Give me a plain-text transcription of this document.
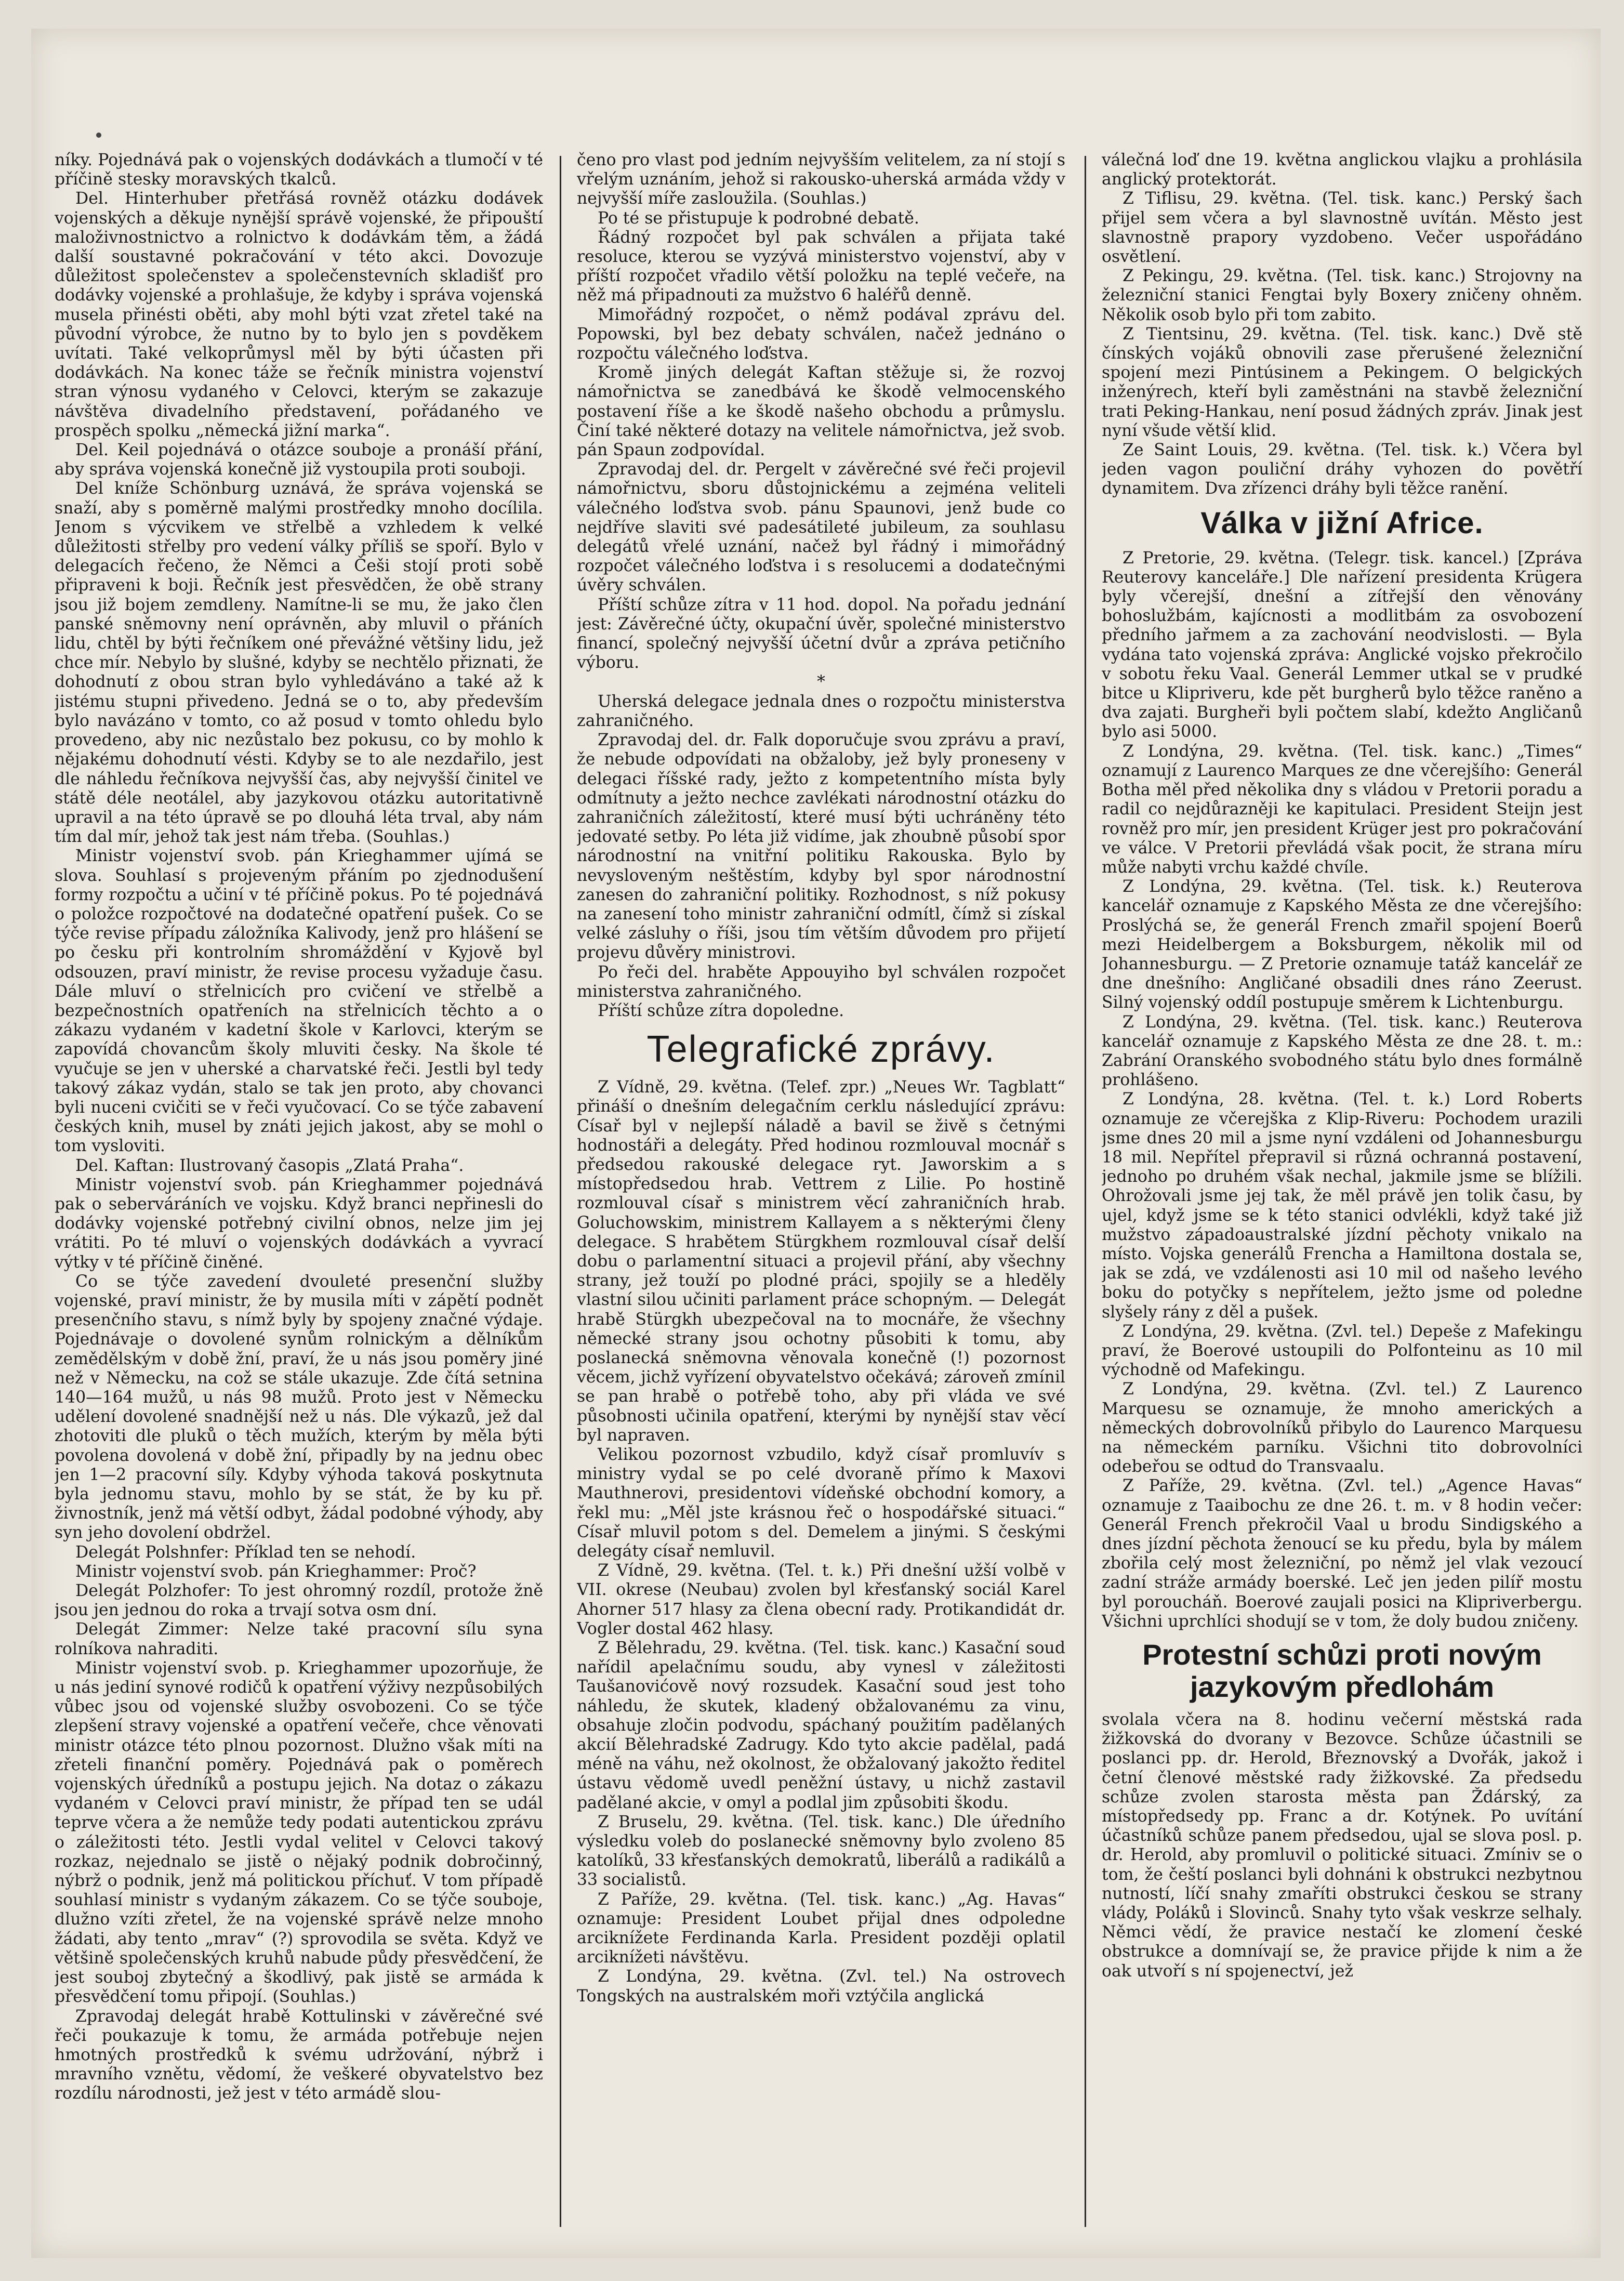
níky. Pojednává pak o vojenských dodávkách a tlumočí v té příčině stesky moravských tkalců.

Del. Hinterhuber přetřásá rovněž otázku dodávek vojenských a děkuje nynější správě vojenské, že připouští maloživnostnictvo a rolnictvo k dodávkám těm, a žádá další soustavné pokračování v této akci. Dovozuje důležitost společenstev a společenstevních skladišť pro dodávky vojenské a prohlašuje, že kdyby i správa vojenská musela přinésti oběti, aby mohl býti vzat zřetel také na původní výrobce, že nutno by to bylo jen s povděkem uvítati. Také velkoprůmysl měl by býti účasten při dodávkách. Na konec táže se řečník ministra vojenství stran výnosu vydaného v Celovci, kterým se zakazuje návštěva divadelního představení, pořádaného ve prospěch spolku „německá jižní marka“.

Del. Keil pojednává o otázce souboje a pronáší přání, aby správa vojenská konečně již vystoupila proti souboji.

Del kníže Schönburg uznává, že správa vojenská se snaží, aby s poměrně malými prostředky mnoho docílila. Jenom s výcvikem ve střelbě a vzhledem k velké důležitosti střelby pro vedení války příliš se spoří. Bylo v delegacích řečeno, že Němci a Češi stojí proti sobě připraveni k boji. Řečník jest přesvědčen, že obě strany jsou již bojem zemdleny. Namítne-li se mu, že jako člen panské sněmovny není oprávněn, aby mluvil o přáních lidu, chtěl by býti řečníkem oné převážné většiny lidu, jež chce mír. Nebylo by slušné, kdyby se nechtělo přiznati, že dohodnutí z obou stran bylo vyhledáváno a také až k jistému stupni přivedeno. Jedná se o to, aby především bylo navázáno v tomto, co až posud v tomto ohledu bylo provedeno, aby nic nezůstalo bez pokusu, co by mohlo k nějakému dohodnutí vésti. Kdyby se to ale nezdařilo, jest dle náhledu řečníkova nejvyšší čas, aby nejvyšší činitel ve státě déle neotálel, aby jazykovou otázku autoritativně upravil a na této úpravě se po dlouhá léta trval, aby nám tím dal mír, jehož tak jest nám třeba. (Souhlas.)

Ministr vojenství svob. pán Krieghammer ujímá se slova. Souhlasí s projeveným přáním po zjednodušení formy rozpočtu a učiní v té příčině pokus. Po té pojednává o položce rozpočtové na dodatečné opatření pušek. Co se týče revise případu záložníka Kalivody, jenž pro hlášení se po česku při kontrolním shromáždění v Kyjově byl odsouzen, praví ministr, že revise procesu vyžaduje času. Dále mluví o střelnicích pro cvičení ve střelbě a bezpečnostních opatřeních na střelnicích těchto a o zákazu vydaném v kadetní škole v Karlovci, kterým se zapovídá chovancům školy mluviti česky. Na škole té vyučuje se jen v uherské a charvatské řeči. Jestli byl tedy takový zákaz vydán, stalo se tak jen proto, aby chovanci byli nuceni cvičiti se v řeči vyučovací. Co se týče zabavení českých knih, musel by znáti jejich jakost, aby se mohl o tom vysloviti.

Del. Kaftan: Ilustrovaný časopis „Zlatá Praha“.

Ministr vojenství svob. pán Krieghammer pojednává pak o seberváráních ve vojsku. Když branci nepřinesli do dodávky vojenské potřebný civilní obnos, nelze jim jej vrátiti. Po té mluví o vojenských dodávkách a vyvrací výtky v té příčině činěné.

Co se týče zavedení dvouleté presenční služby vojenské, praví ministr, že by musila míti v zápětí podnět presenčního stavu, s nímž byly by spojeny značné výdaje. Pojednávaje o dovolené synům rolnickým a dělníkům zemědělským v době žní, praví, že u nás jsou poměry jiné než v Německu, na což se stále ukazuje. Zde čítá setnina 140—164 mužů, u nás 98 mužů. Proto jest v Německu udělení dovolené snadnější než u nás. Dle výkazů, jež dal zhotoviti dle pluků o těch mužích, kterým by měla býti povolena dovolená v době žní, připadly by na jednu obec jen 1—2 pracovní síly. Kdyby výhoda taková poskytnuta byla jednomu stavu, mohlo by se stát, že by ku př. živnostník, jenž má větší odbyt, žádal podobné výhody, aby syn jeho dovolení obdržel.

Delegát Polshnfer: Příklad ten se nehodí.

Ministr vojenství svob. pán Krieghammer: Proč?

Delegát Polzhofer: To jest ohromný rozdíl, protože žně jsou jen jednou do roka a trvají sotva osm dní.

Delegát Zimmer: Nelze také pracovní sílu syna rolníkova nahraditi.

Ministr vojenství svob. p. Krieghammer upozorňuje, že u nás jediní synové rodičů k opatření výživy nezpůsobilých vůbec jsou od vojenské služby osvobozeni. Co se týče zlepšení stravy vojenské a opatření večeře, chce věnovati ministr otázce této plnou pozornost. Dlužno však míti na zřeteli finanční poměry. Pojednává pak o poměrech vojenských úředníků a postupu jejich. Na dotaz o zákazu vydaném v Celovci praví ministr, že případ ten se udál teprve včera a že nemůže tedy podati autentickou zprávu o záležitosti této. Jestli vydal velitel v Celovci takový rozkaz, nejednalo se jistě o nějaký podnik dobročinný, nýbrž o podnik, jenž má politickou příchuť. V tom případě souhlasí ministr s vydaným zákazem. Co se týče souboje, dlužno vzíti zřetel, že na vojenské správě nelze mnoho žádati, aby tento „mrav“ (?) sprovodila se světa. Když ve většině společenských kruhů nabude půdy přesvědčení, že jest souboj zbytečný a škodlivý, pak jistě se armáda k přesvědčení tomu připojí. (Souhlas.)

Zpravodaj delegát hrabě Kottulinski v závěrečné své řeči poukazuje k tomu, že armáda potřebuje nejen hmotných prostředků k svému udržování, nýbrž i mravního vznětu, vědomí, že veškeré obyvatelstvo bez rozdílu národnosti, jež jest v této armádě slou-

čeno pro vlast pod jedním nejvyšším velitelem, za ní stojí s vřelým uznáním, jehož si rakousko-uherská armáda vždy v nejvyšší míře zasloužila. (Souhlas.)

Po té se přistupuje k podrobné debatě.

Řádný rozpočet byl pak schválen a přijata také resoluce, kterou se vyzývá ministerstvo vojenství, aby v příští rozpočet vřadilo větší položku na teplé večeře, na něž má připadnouti za mužstvo 6 haléřů denně.

Mimořádný rozpočet, o němž podával zprávu del. Popowski, byl bez debaty schválen, načež jednáno o rozpočtu válečného loďstva.

Kromě jiných delegát Kaftan stěžuje si, že rozvoj námořnictva se zanedbává ke škodě velmocenského postavení říše a ke škodě našeho obchodu a průmyslu. Činí také některé dotazy na velitele námořnictva, jež svob. pán Spaun zodpovídal.

Zpravodaj del. dr. Pergelt v závěrečné své řeči projevil námořnictvu, sboru důstojnickému a zejména veliteli válečného loďstva svob. pánu Spaunovi, jenž bude co nejdříve slaviti své padesátileté jubileum, za souhlasu delegátů vřelé uznání, načež byl řádný i mimořádný rozpočet válečného loďstva i s resolucemi a dodatečnými úvěry schválen.

Příští schůze zítra v 11 hod. dopol. Na pořadu jednání jest: Závěrečné účty, okupační úvěr, společné ministerstvo financí, společný nejvyšší účetní dvůr a zpráva petičního výboru.

*

Uherská delegace jednala dnes o rozpočtu ministerstva zahraničného.

Zpravodaj del. dr. Falk doporučuje svou zprávu a praví, že nebude odpovídati na obžaloby, jež byly proneseny v delegaci říšské rady, ježto z kompetentního místa byly odmítnuty a ježto nechce zavlékati národnostní otázku do zahraničních záležitostí, které musí býti uchráněny této jedovaté setby. Po léta již vidíme, jak zhoubně působí spor národnostní na vnitřní politiku Rakouska. Bylo by nevysloveným neštěstím, kdyby byl spor národnostní zanesen do zahraniční politiky. Rozhodnost, s níž pokusy na zanesení toho ministr zahraniční odmítl, čímž si získal velké zásluhy o říši, jsou tím větším důvodem pro přijetí projevu důvěry ministrovi.

Po řeči del. hraběte Appouyiho byl schválen rozpočet ministerstva zahraničného.

Příští schůze zítra dopoledne.

Telegrafické zprávy.

Z Vídně, 29. května. (Telef. zpr.) „Neues Wr. Tagblatt“ přináší o dnešním delegačním cerklu následující zprávu: Císař byl v nejlepší náladě a bavil se živě s četnými hodnostáři a delegáty. Před hodinou rozmlouval mocnář s předsedou rakouské delegace ryt. Jaworskim a s místopředsedou hrab. Vettrem z Lilie. Po hostině rozmlouval císař s ministrem věcí zahraničních hrab. Goluchowskim, ministrem Kallayem a s některými členy delegace. S hrabětem Stürgkhem rozmlouval císař delší dobu o parlamentní situaci a projevil přání, aby všechny strany, jež touží po plodné práci, spojily se a hleděly vlastní silou učiniti parlament práce schopným. — Delegát hrabě Stürgkh ubezpečoval na to mocnáře, že všechny německé strany jsou ochotny působiti k tomu, aby poslanecká sněmovna věnovala konečně (!) pozornost věcem, jichž vyřízení obyvatelstvo očekává; zároveň zmínil se pan hrabě o potřebě toho, aby při vláda ve své působnosti učinila opatření, kterými by nynější stav věcí byl napraven.

Velikou pozornost vzbudilo, když císař promluvív s ministry vydal se po celé dvoraně přímo k Maxovi Mauthnerovi, presidentovi vídeňské obchodní komory, a řekl mu: „Měl jste krásnou řeč o hospodářské situaci.“ Císař mluvil potom s del. Demelem a jinými. S českými delegáty císař nemluvil.

Z Vídně, 29. května. (Tel. t. k.) Při dnešní užší volbě v VII. okrese (Neubau) zvolen byl křesťanský sociál Karel Ahorner 517 hlasy za člena obecní rady. Protikandidát dr. Vogler dostal 462 hlasy.

Z Bělehradu, 29. května. (Tel. tisk. kanc.) Kasační soud nařídil apelačnímu soudu, aby vynesl v záležitosti Taušanovićově nový rozsudek. Kasační soud jest toho náhledu, že skutek, kladený obžalovanému za vinu, obsahuje zločin podvodu, spáchaný použitím padělaných akcií Bělehradské Zadrugy. Kdo tyto akcie padělal, padá méně na váhu, než okolnost, že obžalovaný jakožto ředitel ústavu vědomě uvedl peněžní ústavy, u nichž zastavil padělané akcie, v omyl a podlal jim způsobiti škodu.

Z Bruselu, 29. května. (Tel. tisk. kanc.) Dle úředního výsledku voleb do poslanecké sněmovny bylo zvoleno 85 katolíků, 33 křesťanských demokratů, liberálů a radikálů a 33 socialistů.

Z Paříže, 29. května. (Tel. tisk. kanc.) „Ag. Havas“ oznamuje: President Loubet přijal dnes odpoledne arciknížete Ferdinanda Karla. President později oplatil arciknížeti návštěvu.

Z Londýna, 29. května. (Zvl. tel.) Na ostrovech Tongských na australském moři vztýčila anglická

válečná loď dne 19. května anglickou vlajku a prohlásila anglický protektorát.

Z Tiflisu, 29. května. (Tel. tisk. kanc.) Perský šach přijel sem včera a byl slavnostně uvítán. Město jest slavnostně prapory vyzdobeno. Večer uspořádáno osvětlení.

Z Pekingu, 29. května. (Tel. tisk. kanc.) Strojovny na železniční stanici Fengtai byly Boxery zničeny ohněm. Několik osob bylo při tom zabito.

Z Tientsinu, 29. května. (Tel. tisk. kanc.) Dvě stě čínských vojáků obnovili zase přerušené železniční spojení mezi Pintúsinem a Pekingem. O belgických inženýrech, kteří byli zaměstnáni na stavbě železniční trati Peking-Hankau, není posud žádných zpráv. Jinak jest nyní všude větší klid.

Ze Saint Louis, 29. května. (Tel. tisk. k.) Včera byl jeden vagon pouliční dráhy vyhozen do povětří dynamitem. Dva zřízenci dráhy byli těžce ranění.

Válka v jižní Africe.

Z Pretorie, 29. května. (Telegr. tisk. kancel.) [Zpráva Reuterovy kanceláře.] Dle nařízení presidenta Krügera byly včerejší, dnešní a zítřejší den věnovány bohoslužbám, kajícnosti a modlitbám za osvobození předního jařmem a za zachování neodvislosti. — Byla vydána tato vojenská zpráva: Anglické vojsko překročilo v sobotu řeku Vaal. Generál Lemmer utkal se v prudké bitce u Klipriveru, kde pět burgherů bylo těžce raněno a dva zajati. Burgheři byli počtem slabí, kdežto Angličanů bylo asi 5000.

Z Londýna, 29. května. (Tel. tisk. kanc.) „Times“ oznamují z Laurenco Marques ze dne včerejšího: Generál Botha měl před několika dny s vládou v Pretorii poradu a radil co nejdůrazněji ke kapitulaci. President Steijn jest rovněž pro mír, jen president Krüger jest pro pokračování ve válce. V Pretorii převládá však pocit, že strana míru může nabyti vrchu každé chvíle.

Z Londýna, 29. května. (Tel. tisk. k.) Reuterova kancelář oznamuje z Kapského Města ze dne včerejšího: Proslýchá se, že generál French zmařil spojení Boerů mezi Heidelbergem a Boksburgem, několik mil od Johannesburgu. — Z Pretorie oznamuje tatáž kancelář ze dne dnešního: Angličané obsadili dnes ráno Zeerust. Silný vojenský oddíl postupuje směrem k Lichtenburgu.

Z Londýna, 29. května. (Tel. tisk. kanc.) Reuterova kancelář oznamuje z Kapského Města ze dne 28. t. m.: Zabrání Oranského svobodného státu bylo dnes formálně prohlášeno.

Z Londýna, 28. května. (Tel. t. k.) Lord Roberts oznamuje ze včerejška z Klip-Riveru: Pochodem urazili jsme dnes 20 mil a jsme nyní vzdáleni od Johannesburgu 18 mil. Nepřítel přepravil si různá ochranná postavení, jednoho po druhém však nechal, jakmile jsme se blížili. Ohrožovali jsme jej tak, že měl právě jen tolik času, by ujel, když jsme se k této stanici odvlékli, když také již mužstvo západoaustralské jízdní pěchoty vnikalo na místo. Vojska generálů Frencha a Hamiltona dostala se, jak se zdá, ve vzdálenosti asi 10 mil od našeho levého boku do potyčky s nepřítelem, ježto jsme od poledne slyšely rány z děl a pušek.

Z Londýna, 29. května. (Zvl. tel.) Depeše z Mafekingu praví, že Boerové ustoupili do Polfonteinu as 10 mil východně od Mafekingu.

Z Londýna, 29. května. (Zvl. tel.) Z Laurenco Marquesu se oznamuje, že mnoho amerických a německých dobrovolníků přibylo do Laurenco Marquesu na německém parníku. Všichni tito dobrovolníci odebeřou se odtud do Transvaalu.

Z Paříže, 29. května. (Zvl. tel.) „Agence Havas“ oznamuje z Taaibochu ze dne 26. t. m. v 8 hodin večer: Generál French překročil Vaal u brodu Sindigského a dnes jízdní pěchota ženoucí se ku předu, byla by málem zbořila celý most železniční, po němž jel vlak vezoucí zadní stráže armády boerské. Leč jen jeden pilíř mostu byl poroucháň. Boerové zaujali posici na Klipriverbergu. Všichni uprchlíci shodují se v tom, že doly budou zničeny.

Protestní schůzi proti novým jazykovým předlohám

svolala včera na 8. hodinu večerní městská rada žižkovská do dvorany v Bezovce. Schůze účastnili se poslanci pp. dr. Herold, Březnovský a Dvořák, jakož i četní členové městské rady žižkovské. Za předsedu schůze zvolen starosta města pan Ždárský, za místopředsedy pp. Franc a dr. Kotýnek. Po uvítání účastníků schůze panem předsedou, ujal se slova posl. p. dr. Herold, aby promluvil o politické situaci. Zmíniv se o tom, že čeští poslanci byli dohnáni k obstrukci nezbytnou nutností, líčí snahy zmaříti obstrukci českou se strany vlády, Poláků i Slovinců. Snahy tyto však veskrze selhaly. Němci vědí, že pravice nestačí ke zlomení české obstrukce a domnívají se, že pravice přijde k nim a že oak utvoří s ní spojenectví, jež
